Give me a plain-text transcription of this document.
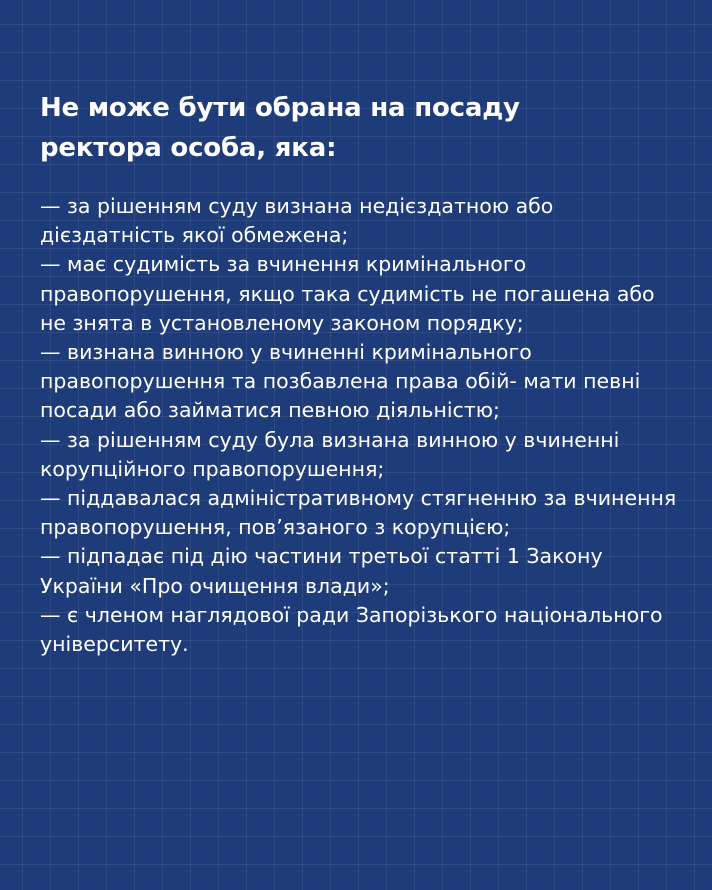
Не може бути обрана на посаду
ректора особа, яка:
— за рішенням суду визнана недієздатною або дієздатність якої обмежена;
— має судимість за вчинення кримінального правопорушення, якщо така судимість не погашена або не знята в установленому законом порядку;
— визнана винною у вчиненні кримінального правопорушення та позбавлена права обій- мати певні посади або займатися певною діяльністю;
— за рішенням суду була визнана винною у вчиненні корупційного правопорушення;
— піддавалася адміністративному стягненню за вчинення правопорушення, пов’язаного з корупцією;
— підпадає під дію частини третьої статті 1 Закону України «Про очищення влади»;
— є членом наглядової ради Запорізького національного університету.
